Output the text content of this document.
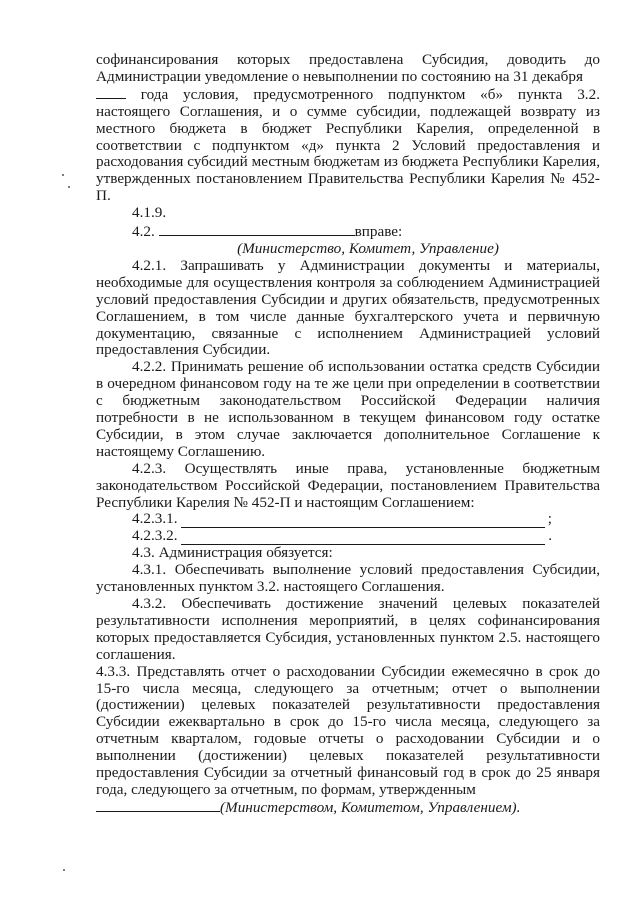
софинансирования которых предоставлена Субсидия, доводить до Администрации уведомление о невыполнении по состоянию на 31 декабря

года условия, предусмотренного подпунктом «б» пункта 3.2. настоящего Соглашения, и о сумме субсидии, подлежащей возврату из местного бюджета в бюджет Республики Карелия, определенной в соответствии с подпунктом «д» пункта 2 Условий предоставления и расходования субсидий местным бюджетам из бюджета Республики Карелия, утвержденных постановлением Правительства Республики Карелия № 452-П.

4.1.9.

4.2.	вправе:

(Министерство, Комитет, Управление)

4.2.1. Запрашивать у Администрации документы и материалы, необходимые для осуществления контроля за соблюдением Администрацией условий предоставления Субсидии и других обязательств, предусмотренных Соглашением, в том числе данные бухгалтерского учета и первичную документацию, связанные с исполнением Администрацией условий предоставления Субсидии.

4.2.2. Принимать решение об использовании остатка средств Субсидии в очередном финансовом году на те же цели при определении в соответствии с бюджетным законодательством Российской Федерации наличия потребности в не использованном в текущем финансовом году остатке Субсидии, в этом случае заключается дополнительное Соглашение к настоящему Соглашению.

4.2.3. Осуществлять иные права, установленные бюджетным законодательством Российской Федерации, постановлением Правительства Республики Карелия № 452-П и настоящим Соглашением:

4.2.3.1.	;
4.2.3.2.	.

4.3. Администрация обязуется:

4.3.1. Обеспечивать выполнение условий предоставления Субсидии, установленных пунктом 3.2. настоящего Соглашения.

4.3.2. Обеспечивать достижение значений целевых показателей результативности исполнения мероприятий, в целях софинансирования которых предоставляется Субсидия, установленных пунктом 2.5. настоящего соглашения.

4.3.3. Представлять отчет о расходовании Субсидии ежемесячно в срок до 15-го числа месяца, следующего за отчетным; отчет о выполнении (достижении) целевых показателей результативности предоставления Субсидии ежеквартально в срок до 15-го числа месяца, следующего за отчетным кварталом, годовые отчеты о расходовании Субсидии и о выполнении (достижении) целевых показателей результативности предоставления Субсидии за отчетный финансовый год в срок до 25 января года, следующего за отчетным, по формам, утвержденным

(Министерством, Комитетом, Управлением).
